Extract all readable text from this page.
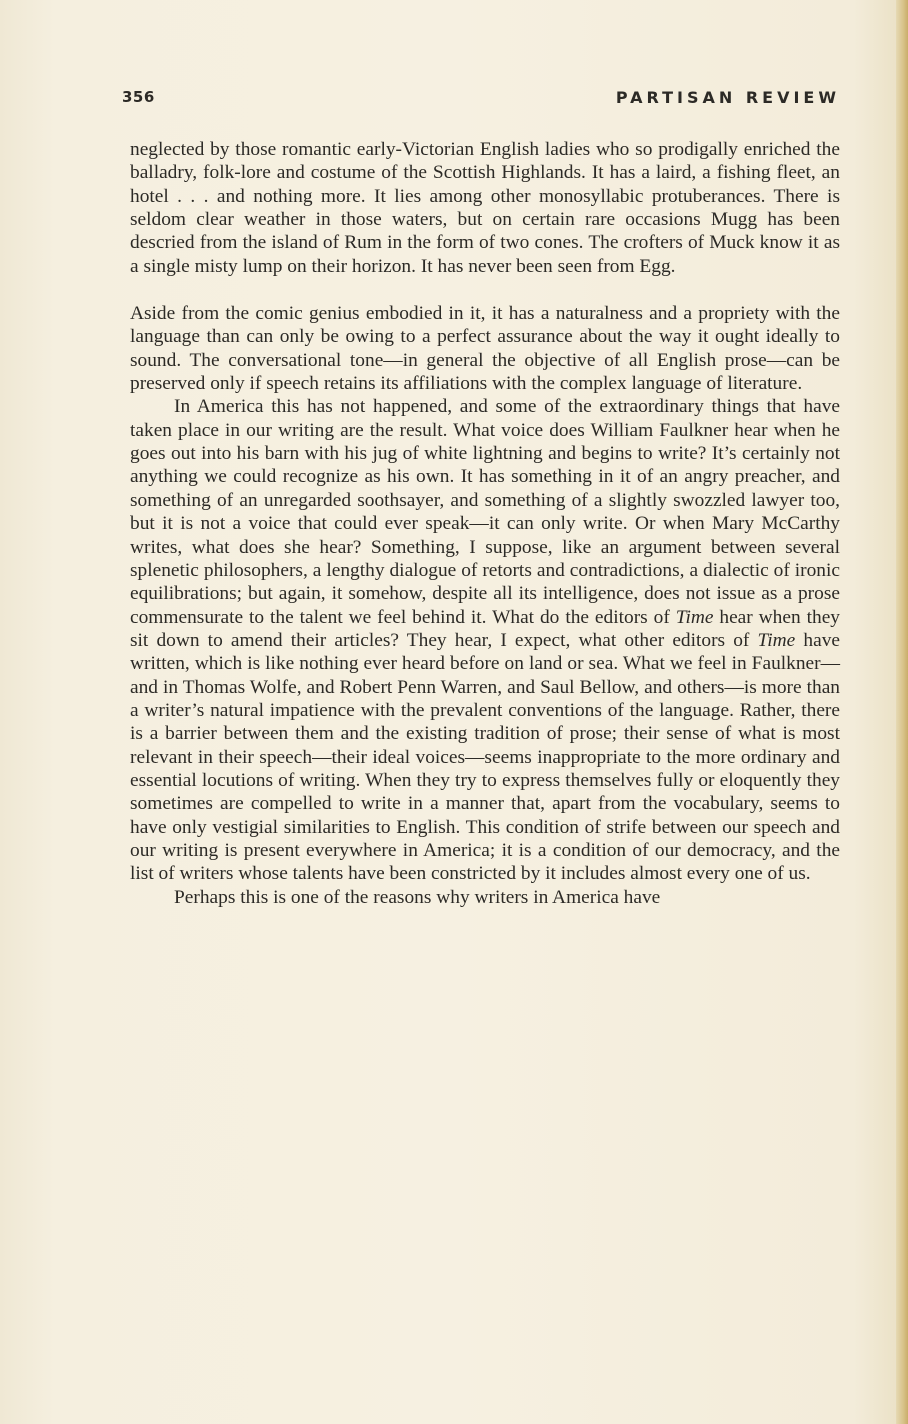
356	PARTISAN REVIEW

neglected by those romantic early-Victorian English ladies who so prodigally enriched the balladry, folk-lore and costume of the Scottish Highlands. It has a laird, a fishing fleet, an hotel . . . and nothing more. It lies among other monosyllabic protuberances. There is seldom clear weather in those waters, but on certain rare occasions Mugg has been descried from the island of Rum in the form of two cones. The crofters of Muck know it as a single misty lump on their horizon. It has never been seen from Egg.

Aside from the comic genius embodied in it, it has a naturalness and a propriety with the language than can only be owing to a perfect assurance about the way it ought ideally to sound. The conversational tone—in general the objective of all English prose—can be preserved only if speech retains its affiliations with the complex language of literature.

In America this has not happened, and some of the extraordinary things that have taken place in our writing are the result. What voice does William Faulkner hear when he goes out into his barn with his jug of white lightning and begins to write? It’s certainly not anything we could recognize as his own. It has something in it of an angry preacher, and something of an unregarded soothsayer, and something of a slightly swozzled lawyer too, but it is not a voice that could ever speak—it can only write. Or when Mary McCarthy writes, what does she hear? Something, I suppose, like an argument between several splenetic philosophers, a lengthy dialogue of retorts and contradictions, a dialectic of ironic equilibrations; but again, it somehow, despite all its intelligence, does not issue as a prose commensurate to the talent we feel behind it. What do the editors of Time hear when they sit down to amend their articles? They hear, I expect, what other editors of Time have written, which is like nothing ever heard before on land or sea. What we feel in Faulkner—and in Thomas Wolfe, and Robert Penn Warren, and Saul Bellow, and others—is more than a writer’s natural impatience with the prevalent conventions of the language. Rather, there is a barrier between them and the existing tradition of prose; their sense of what is most relevant in their speech—their ideal voices—seems inappropriate to the more ordinary and essential locutions of writing. When they try to express themselves fully or eloquently they sometimes are compelled to write in a manner that, apart from the vocabulary, seems to have only vestigial similarities to English. This condition of strife between our speech and our writing is present everywhere in America; it is a condition of our democracy, and the list of writers whose talents have been constricted by it includes almost every one of us.

Perhaps this is one of the reasons why writers in America have
